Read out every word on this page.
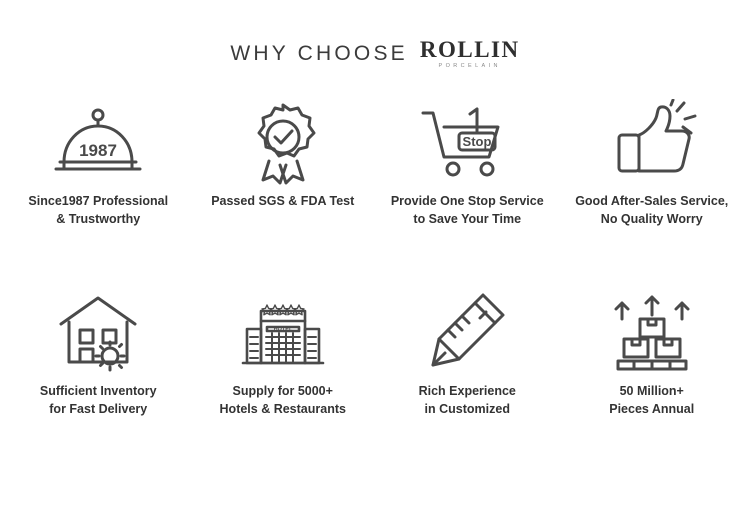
WHY CHOOSE ROLLIN
PORCELAIN
1987
Since1987 Professional
& Trustworthy
Passed SGS & FDA Test
Stop
Provide One Stop Service
to Save Your Time
Good After-Sales Service,
No Quality Worry
Sufficient Inventory
for Fast Delivery
HOTEL
Supply for 5000+
Hotels & Restaurants
Rich Experience
in Customized
50 Million+
Pieces Annual
